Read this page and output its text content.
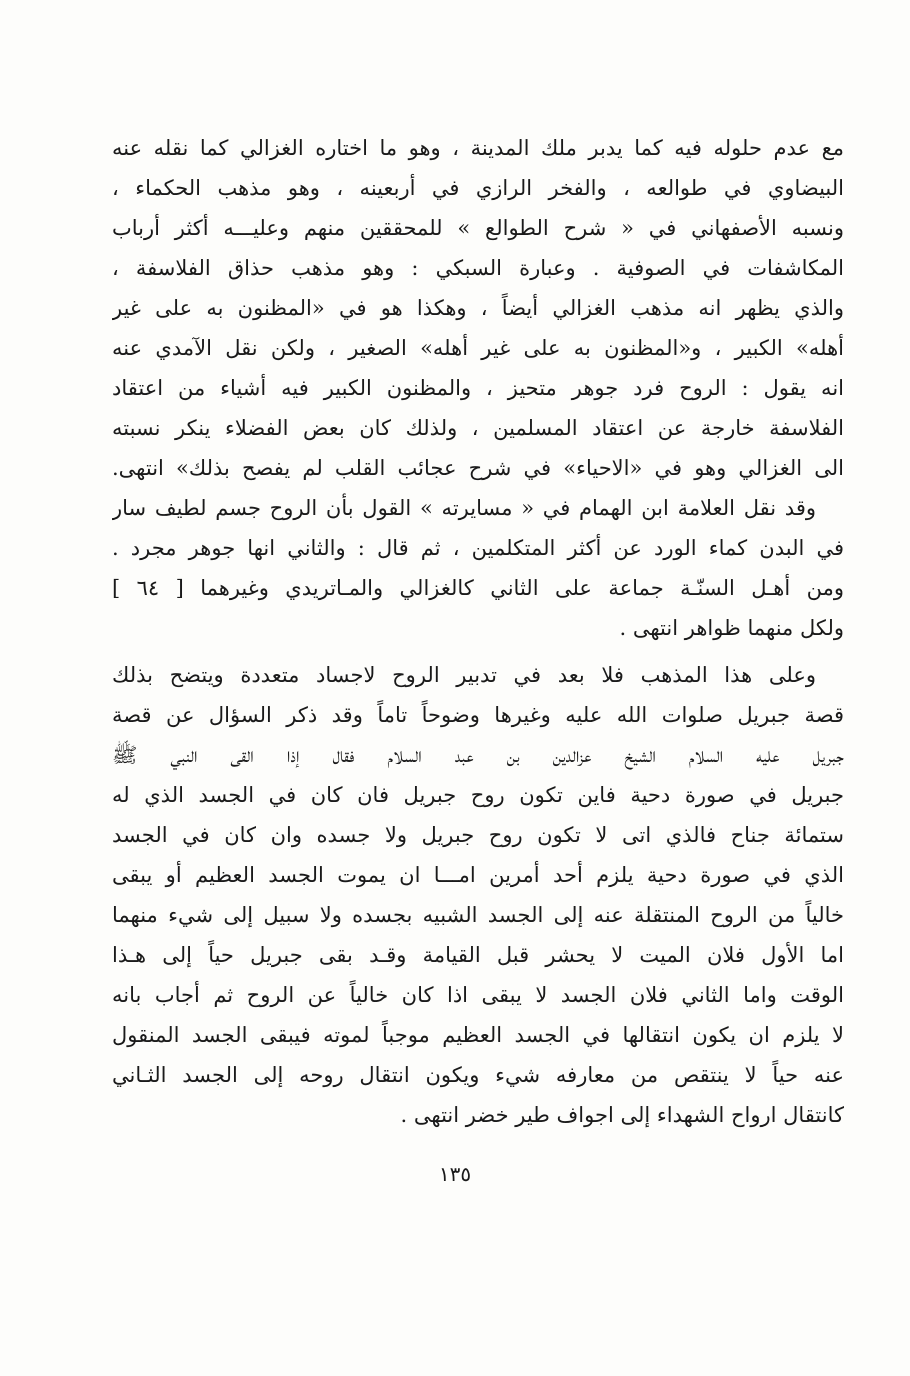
مع عدم حلوله فيه كما يدبر ملك المدينة ، وهو ما اختاره الغزالي كما نقله عنه
البيضاوي في طوالعه ، والفخر الرازي في أربعينه ، وهو مذهب الحكماء ،
ونسبه الأصفهاني في « شرح الطوالع » للمحققين منهم وعليـــه أكثر أرباب
المكاشفات في الصوفية . وعبارة السبكي : وهو مذهب حذاق الفلاسفة ،
والذي يظهر انه مذهب الغزالي أيضاً ، وهكذا هو في «المظنون به على غير
أهله» الكبير ، و«المظنون به على غير أهله» الصغير ، ولكن نقل الآمدي عنه
انه يقول : الروح فرد جوهر متحيز ، والمظنون الكبير فيه أشياء من اعتقاد
الفلاسفة خارجة عن اعتقاد المسلمين ، ولذلك كان بعض الفضلاء ينكر نسبته
الى الغزالي وهو في «الاحياء» في شرح عجائب القلب لم يفصح بذلك» انتهى.
وقد نقل العلامة ابن الهمام في « مسايرته » القول بأن الروح جسم لطيف سار
في البدن كماء الورد عن أكثر المتكلمين ، ثم قال : والثاني انها جوهر مجرد .
ومن أهـل السنّـة جماعة على الثاني كالغزالي والمـاتريدي وغيرهما [ ٦٤ ]
ولكل منهما ظواهر انتهى .
وعلى هذا المذهب فلا بعد في تدبير الروح لاجساد متعددة ويتضح بذلك
قصة جبريل صلوات الله عليه وغيرها وضوحاً تاماً وقد ذكر السؤال عن قصة
جبريل عليه السلام الشيخ عزالدين بن عبد السلام فقال إذا القى النبي ﷺ
جبريل في صورة دحية فاين تكون روح جبريل فان كان في الجسد الذي له
ستمائة جناح فالذي اتى لا تكون روح جبريل ولا جسده وان كان في الجسد
الذي في صورة دحية يلزم أحد أمرين امـــا ان يموت الجسد العظيم أو يبقى
خالياً من الروح المنتقلة عنه إلى الجسد الشبيه بجسده ولا سبيل إلى شيء منهما
اما الأول فلان الميت لا يحشر قبل القيامة وقـد بقى جبريل حياً إلى هـذا
الوقت واما الثاني فلان الجسد لا يبقى اذا كان خالياً عن الروح ثم أجاب بانه
لا يلزم ان يكون انتقالها في الجسد العظيم موجباً لموته فيبقى الجسد المنقول
عنه حياً لا ينتقص من معارفه شيء ويكون انتقال روحه إلى الجسد الثـاني
كانتقال ارواح الشهداء إلى اجواف طير خضر انتهى .
١٣٥
